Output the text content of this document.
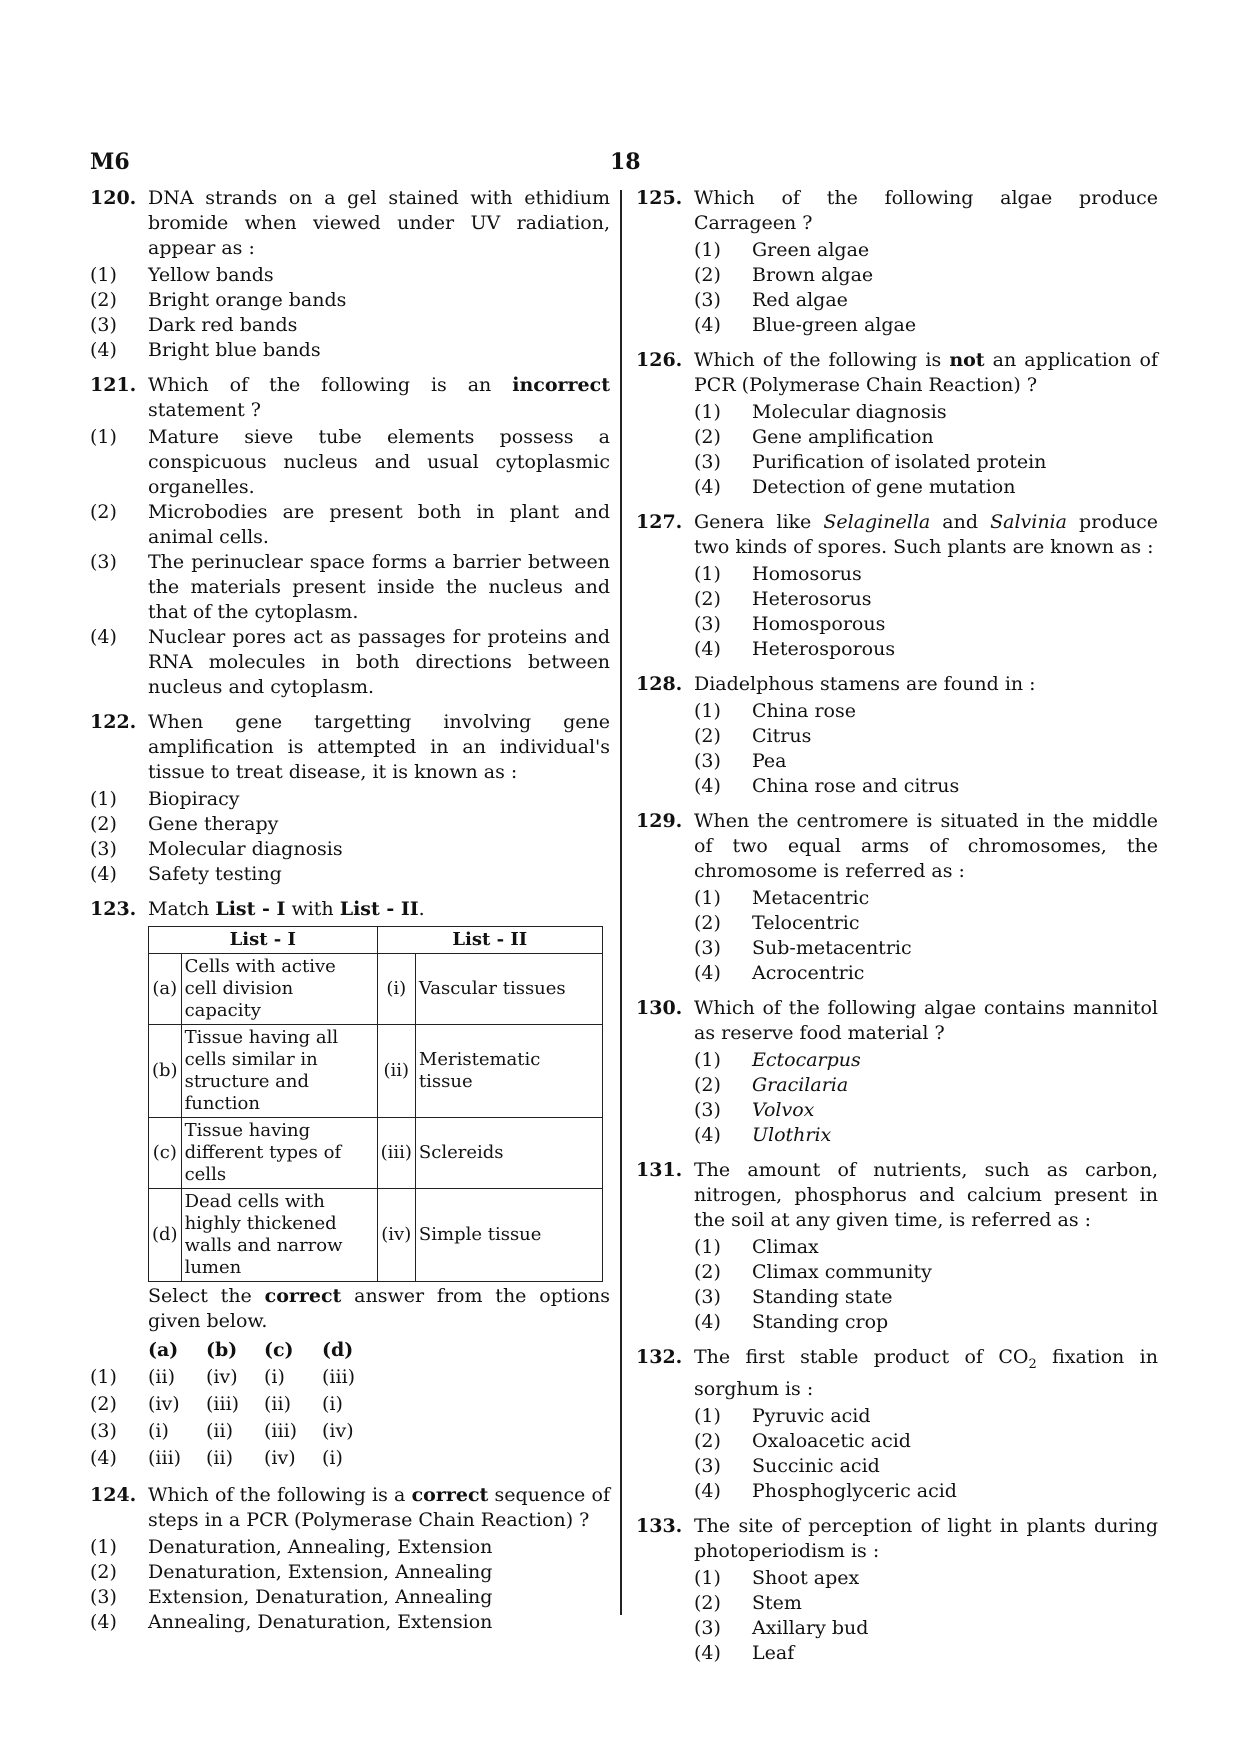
M6	18
120. DNA strands on a gel stained with ethidium bromide when viewed under UV radiation, appear as :
(1) Yellow bands
(2) Bright orange bands
(3) Dark red bands
(4) Bright blue bands
121. Which of the following is an incorrect statement ?
(1) Mature sieve tube elements possess a conspicuous nucleus and usual cytoplasmic organelles.
(2) Microbodies are present both in plant and animal cells.
(3) The perinuclear space forms a barrier between the materials present inside the nucleus and that of the cytoplasm.
(4) Nuclear pores act as passages for proteins and RNA molecules in both directions between nucleus and cytoplasm.
122. When gene targetting involving gene amplification is attempted in an individual's tissue to treat disease, it is known as :
(1) Biopiracy
(2) Gene therapy
(3) Molecular diagnosis
(4) Safety testing
123. Match List - I with List - II.
List - I		List - II	
(a)	Cells with active cell division capacity	(i)	Vascular tissues
(b)	Tissue having all cells similar in structure and function	(ii)	Meristematic tissue
(c)	Tissue having different types of cells	(iii)	Sclereids
(d)	Dead cells with highly thickened walls and narrow lumen	(iv)	Simple tissue
Select the correct answer from the options given below.
(a)	(b)	(c)	(d)
(1)	(ii)	(iv)	(i)	(iii)
(2)	(iv)	(iii)	(ii)	(i)
(3)	(i)	(ii)	(iii)	(iv)
(4)	(iii)	(ii)	(iv)	(i)
124. Which of the following is a correct sequence of steps in a PCR (Polymerase Chain Reaction) ?
(1) Denaturation, Annealing, Extension
(2) Denaturation, Extension, Annealing
(3) Extension, Denaturation, Annealing
(4) Annealing, Denaturation, Extension
125. Which of the following algae produce Carrageen ?
(1) Green algae
(2) Brown algae
(3) Red algae
(4) Blue-green algae
126. Which of the following is not an application of PCR (Polymerase Chain Reaction) ?
(1) Molecular diagnosis
(2) Gene amplification
(3) Purification of isolated protein
(4) Detection of gene mutation
127. Genera like Selaginella and Salvinia produce two kinds of spores. Such plants are known as :
(1) Homosorus
(2) Heterosorus
(3) Homosporous
(4) Heterosporous
128. Diadelphous stamens are found in :
(1) China rose
(2) Citrus
(3) Pea
(4) China rose and citrus
129. When the centromere is situated in the middle of two equal arms of chromosomes, the chromosome is referred as :
(1) Metacentric
(2) Telocentric
(3) Sub-metacentric
(4) Acrocentric
130. Which of the following algae contains mannitol as reserve food material ?
(1) Ectocarpus
(2) Gracilaria
(3) Volvox
(4) Ulothrix
131. The amount of nutrients, such as carbon, nitrogen, phosphorus and calcium present in the soil at any given time, is referred as :
(1) Climax
(2) Climax community
(3) Standing state
(4) Standing crop
132. The first stable product of $CO_2$ fixation in sorghum is :
(1) Pyruvic acid
(2) Oxaloacetic acid
(3) Succinic acid
(4) Phosphoglyceric acid
133. The site of perception of light in plants during photoperiodism is :
(1) Shoot apex
(2) Stem
(3) Axillary bud
(4) Leaf
